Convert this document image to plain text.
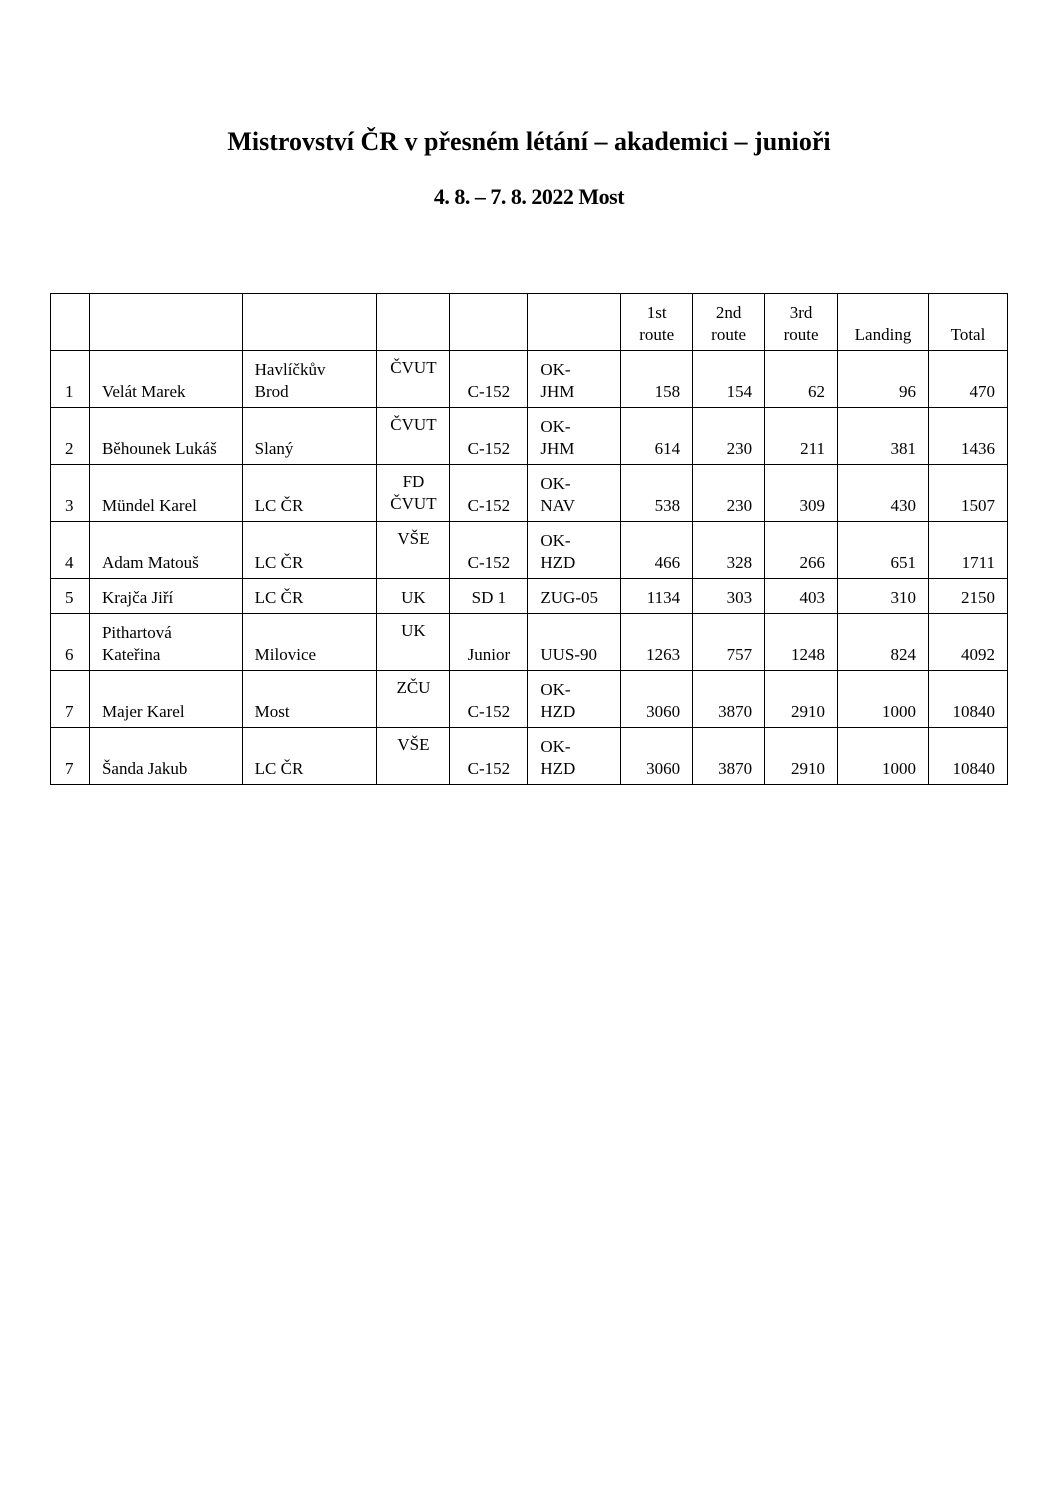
Mistrovství ČR v přesném létání – akademici – junioři
4. 8. – 7. 8. 2022 Most

						1st
route	2nd
route	3rd
route	Landing	Total
1	Velát Marek	Havlíčkův
Brod	ČVUT	C-152	OK-
JHM	158	154	62	96	470
2	Běhounek Lukáš	Slaný	ČVUT	C-152	OK-
JHM	614	230	211	381	1436
3	Mündel Karel	LC ČR	FD
ČVUT	C-152	OK-
NAV	538	230	309	430	1507
4	Adam Matouš	LC ČR	VŠE	C-152	OK-
HZD	466	328	266	651	1711
5	Krajča Jiří	LC ČR	UK	SD 1	ZUG-05	1134	303	403	310	2150
6	Pithartová
Kateřina	Milovice	UK	Junior	UUS-90	1263	757	1248	824	4092
7	Majer Karel	Most	ZČU	C-152	OK-
HZD	3060	3870	2910	1000	10840
7	Šanda Jakub	LC ČR	VŠE	C-152	OK-
HZD	3060	3870	2910	1000	10840
